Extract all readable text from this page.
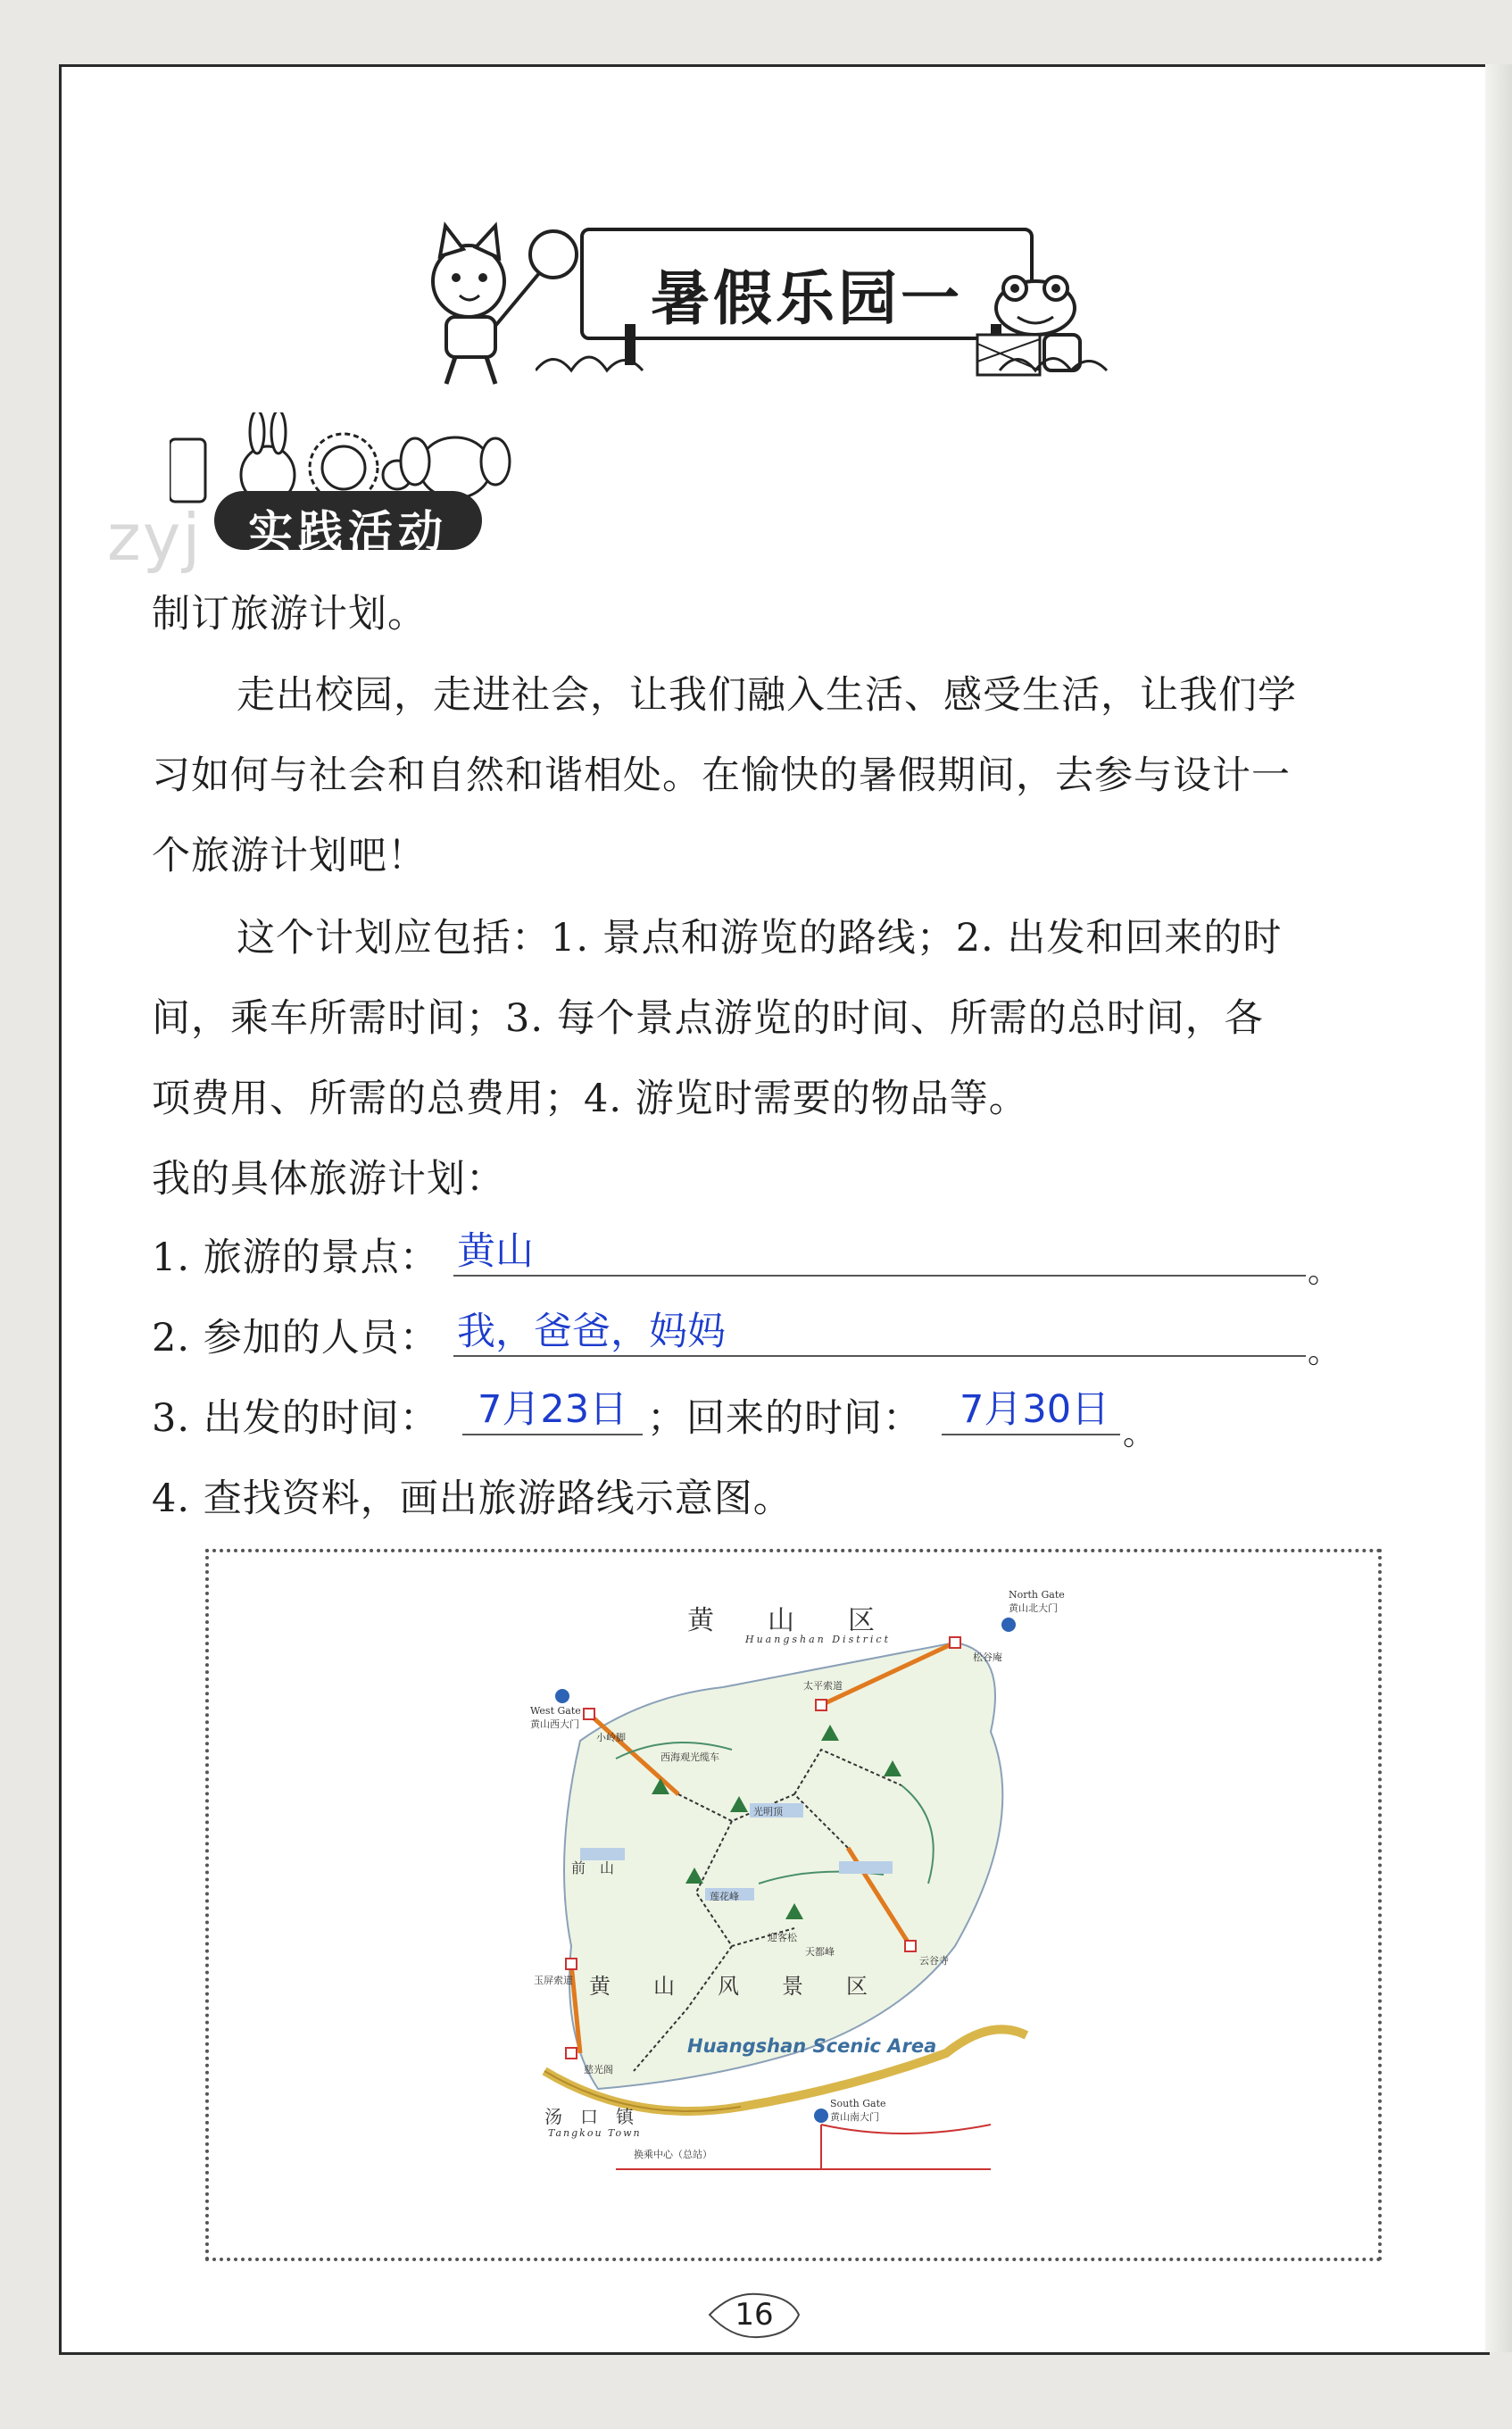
暑假乐园一
实践活动
zyj
制订旅游计划。
走出校园，走进社会，让我们融入生活、感受生活，让我们学
习如何与社会和自然和谐相处。在愉快的暑假期间，去参与设计一
个旅游计划吧！
这个计划应包括：1. 景点和游览的路线；2. 出发和回来的时
间，乘车所需时间；3. 每个景点游览的时间、所需的总时间，各
项费用、所需的总费用；4. 游览时需要的物品等。
我的具体旅游计划：
1. 旅游的景点： 黄山	。
2. 参加的人员： 我，爸爸，妈妈	。
3. 出发的时间： 7月23日 ；回来的时间： 7月30日
。
4. 查找资料，画出旅游路线示意图。
黄　　山　　区
Huangshan District
North Gate
黄山北大门
West Gate
黄山西大门
前　山
黄　　山　　风　　景　　区
Huangshan Scenic Area
汤　口　镇
Tangkou Town
South Gate
黄山南大门
松谷庵
太平索道
小岭脚
西海观光缆车
光明顶
莲花峰
迎客松
天都峰
云谷寺
玉屏索道
慈光阁
换乘中心（总站）
16
